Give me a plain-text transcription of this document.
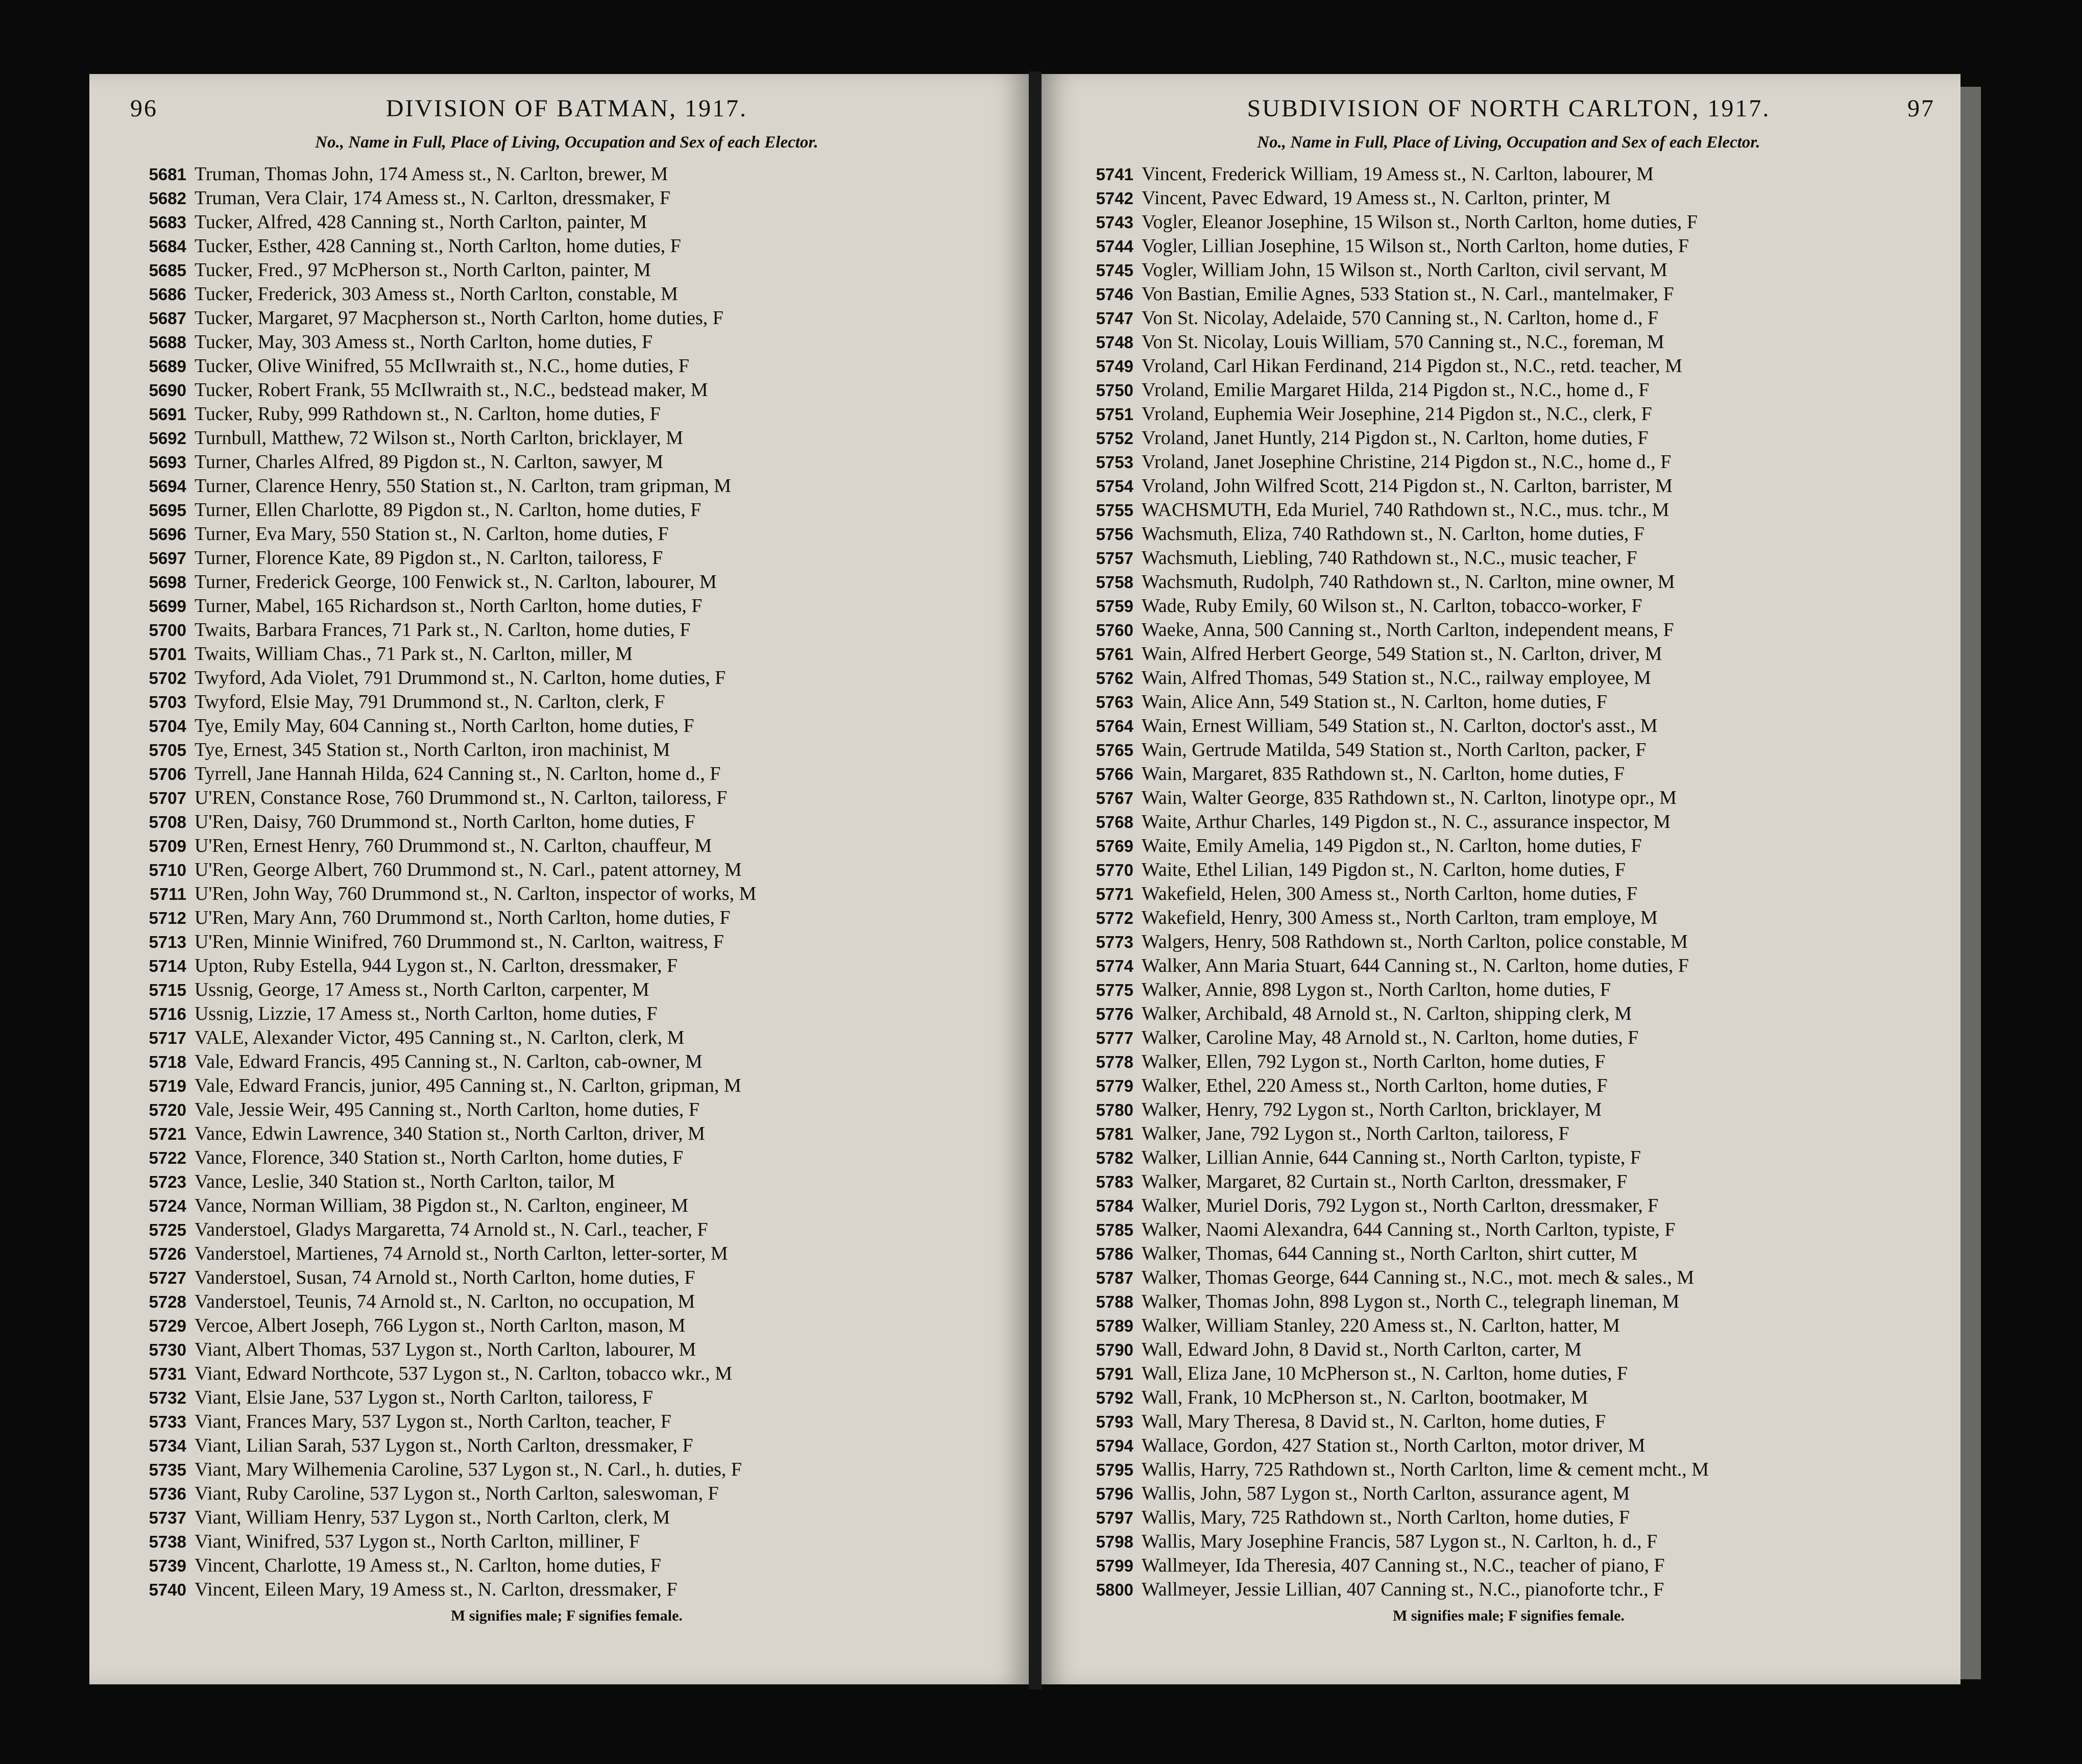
96	DIVISION OF BATMAN, 1917.
No., Name in Full, Place of Living, Occupation and Sex of each Elector.
5681 Truman, Thomas John, 174 Amess st., N. Carlton, brewer, M
5682 Truman, Vera Clair, 174 Amess st., N. Carlton, dressmaker, F
5683 Tucker, Alfred, 428 Canning st., North Carlton, painter, M
5684 Tucker, Esther, 428 Canning st., North Carlton, home duties, F
5685 Tucker, Fred., 97 McPherson st., North Carlton, painter, M
5686 Tucker, Frederick, 303 Amess st., North Carlton, constable, M
5687 Tucker, Margaret, 97 Macpherson st., North Carlton, home duties, F
5688 Tucker, May, 303 Amess st., North Carlton, home duties, F
5689 Tucker, Olive Winifred, 55 McIlwraith st., N.C., home duties, F
5690 Tucker, Robert Frank, 55 McIlwraith st., N.C., bedstead maker, M
5691 Tucker, Ruby, 999 Rathdown st., N. Carlton, home duties, F
5692 Turnbull, Matthew, 72 Wilson st., North Carlton, bricklayer, M
5693 Turner, Charles Alfred, 89 Pigdon st., N. Carlton, sawyer, M
5694 Turner, Clarence Henry, 550 Station st., N. Carlton, tram gripman, M
5695 Turner, Ellen Charlotte, 89 Pigdon st., N. Carlton, home duties, F
5696 Turner, Eva Mary, 550 Station st., N. Carlton, home duties, F
5697 Turner, Florence Kate, 89 Pigdon st., N. Carlton, tailoress, F
5698 Turner, Frederick George, 100 Fenwick st., N. Carlton, labourer, M
5699 Turner, Mabel, 165 Richardson st., North Carlton, home duties, F
5700 Twaits, Barbara Frances, 71 Park st., N. Carlton, home duties, F
5701 Twaits, William Chas., 71 Park st., N. Carlton, miller, M
5702 Twyford, Ada Violet, 791 Drummond st., N. Carlton, home duties, F
5703 Twyford, Elsie May, 791 Drummond st., N. Carlton, clerk, F
5704 Tye, Emily May, 604 Canning st., North Carlton, home duties, F
5705 Tye, Ernest, 345 Station st., North Carlton, iron machinist, M
5706 Tyrrell, Jane Hannah Hilda, 624 Canning st., N. Carlton, home d., F
5707 U'REN, Constance Rose, 760 Drummond st., N. Carlton, tailoress, F
5708 U'Ren, Daisy, 760 Drummond st., North Carlton, home duties, F
5709 U'Ren, Ernest Henry, 760 Drummond st., N. Carlton, chauffeur, M
5710 U'Ren, George Albert, 760 Drummond st., N. Carl., patent attorney, M
5711 U'Ren, John Way, 760 Drummond st., N. Carlton, inspector of works, M
5712 U'Ren, Mary Ann, 760 Drummond st., North Carlton, home duties, F
5713 U'Ren, Minnie Winifred, 760 Drummond st., N. Carlton, waitress, F
5714 Upton, Ruby Estella, 944 Lygon st., N. Carlton, dressmaker, F
5715 Ussnig, George, 17 Amess st., North Carlton, carpenter, M
5716 Ussnig, Lizzie, 17 Amess st., North Carlton, home duties, F
5717 VALE, Alexander Victor, 495 Canning st., N. Carlton, clerk, M
5718 Vale, Edward Francis, 495 Canning st., N. Carlton, cab-owner, M
5719 Vale, Edward Francis, junior, 495 Canning st., N. Carlton, gripman, M
5720 Vale, Jessie Weir, 495 Canning st., North Carlton, home duties, F
5721 Vance, Edwin Lawrence, 340 Station st., North Carlton, driver, M
5722 Vance, Florence, 340 Station st., North Carlton, home duties, F
5723 Vance, Leslie, 340 Station st., North Carlton, tailor, M
5724 Vance, Norman William, 38 Pigdon st., N. Carlton, engineer, M
5725 Vanderstoel, Gladys Margaretta, 74 Arnold st., N. Carl., teacher, F
5726 Vanderstoel, Martienes, 74 Arnold st., North Carlton, letter-sorter, M
5727 Vanderstoel, Susan, 74 Arnold st., North Carlton, home duties, F
5728 Vanderstoel, Teunis, 74 Arnold st., N. Carlton, no occupation, M
5729 Vercoe, Albert Joseph, 766 Lygon st., North Carlton, mason, M
5730 Viant, Albert Thomas, 537 Lygon st., North Carlton, labourer, M
5731 Viant, Edward Northcote, 537 Lygon st., N. Carlton, tobacco wkr., M
5732 Viant, Elsie Jane, 537 Lygon st., North Carlton, tailoress, F
5733 Viant, Frances Mary, 537 Lygon st., North Carlton, teacher, F
5734 Viant, Lilian Sarah, 537 Lygon st., North Carlton, dressmaker, F
5735 Viant, Mary Wilhemenia Caroline, 537 Lygon st., N. Carl., h. duties, F
5736 Viant, Ruby Caroline, 537 Lygon st., North Carlton, saleswoman, F
5737 Viant, William Henry, 537 Lygon st., North Carlton, clerk, M
5738 Viant, Winifred, 537 Lygon st., North Carlton, milliner, F
5739 Vincent, Charlotte, 19 Amess st., N. Carlton, home duties, F
5740 Vincent, Eileen Mary, 19 Amess st., N. Carlton, dressmaker, F
M signifies male; F signifies female.
SUBDIVISION OF NORTH CARLTON, 1917.	97
No., Name in Full, Place of Living, Occupation and Sex of each Elector.
5741 Vincent, Frederick William, 19 Amess st., N. Carlton, labourer, M
5742 Vincent, Pavec Edward, 19 Amess st., N. Carlton, printer, M
5743 Vogler, Eleanor Josephine, 15 Wilson st., North Carlton, home duties, F
5744 Vogler, Lillian Josephine, 15 Wilson st., North Carlton, home duties, F
5745 Vogler, William John, 15 Wilson st., North Carlton, civil servant, M
5746 Von Bastian, Emilie Agnes, 533 Station st., N. Carl., mantelmaker, F
5747 Von St. Nicolay, Adelaide, 570 Canning st., N. Carlton, home d., F
5748 Von St. Nicolay, Louis William, 570 Canning st., N.C., foreman, M
5749 Vroland, Carl Hikan Ferdinand, 214 Pigdon st., N.C., retd. teacher, M
5750 Vroland, Emilie Margaret Hilda, 214 Pigdon st., N.C., home d., F
5751 Vroland, Euphemia Weir Josephine, 214 Pigdon st., N.C., clerk, F
5752 Vroland, Janet Huntly, 214 Pigdon st., N. Carlton, home duties, F
5753 Vroland, Janet Josephine Christine, 214 Pigdon st., N.C., home d., F
5754 Vroland, John Wilfred Scott, 214 Pigdon st., N. Carlton, barrister, M
5755 WACHSMUTH, Eda Muriel, 740 Rathdown st., N.C., mus. tchr., M
5756 Wachsmuth, Eliza, 740 Rathdown st., N. Carlton, home duties, F
5757 Wachsmuth, Liebling, 740 Rathdown st., N.C., music teacher, F
5758 Wachsmuth, Rudolph, 740 Rathdown st., N. Carlton, mine owner, M
5759 Wade, Ruby Emily, 60 Wilson st., N. Carlton, tobacco-worker, F
5760 Waeke, Anna, 500 Canning st., North Carlton, independent means, F
5761 Wain, Alfred Herbert George, 549 Station st., N. Carlton, driver, M
5762 Wain, Alfred Thomas, 549 Station st., N.C., railway employee, M
5763 Wain, Alice Ann, 549 Station st., N. Carlton, home duties, F
5764 Wain, Ernest William, 549 Station st., N. Carlton, doctor's asst., M
5765 Wain, Gertrude Matilda, 549 Station st., North Carlton, packer, F
5766 Wain, Margaret, 835 Rathdown st., N. Carlton, home duties, F
5767 Wain, Walter George, 835 Rathdown st., N. Carlton, linotype opr., M
5768 Waite, Arthur Charles, 149 Pigdon st., N. C., assurance inspector, M
5769 Waite, Emily Amelia, 149 Pigdon st., N. Carlton, home duties, F
5770 Waite, Ethel Lilian, 149 Pigdon st., N. Carlton, home duties, F
5771 Wakefield, Helen, 300 Amess st., North Carlton, home duties, F
5772 Wakefield, Henry, 300 Amess st., North Carlton, tram employe, M
5773 Walgers, Henry, 508 Rathdown st., North Carlton, police constable, M
5774 Walker, Ann Maria Stuart, 644 Canning st., N. Carlton, home duties, F
5775 Walker, Annie, 898 Lygon st., North Carlton, home duties, F
5776 Walker, Archibald, 48 Arnold st., N. Carlton, shipping clerk, M
5777 Walker, Caroline May, 48 Arnold st., N. Carlton, home duties, F
5778 Walker, Ellen, 792 Lygon st., North Carlton, home duties, F
5779 Walker, Ethel, 220 Amess st., North Carlton, home duties, F
5780 Walker, Henry, 792 Lygon st., North Carlton, bricklayer, M
5781 Walker, Jane, 792 Lygon st., North Carlton, tailoress, F
5782 Walker, Lillian Annie, 644 Canning st., North Carlton, typiste, F
5783 Walker, Margaret, 82 Curtain st., North Carlton, dressmaker, F
5784 Walker, Muriel Doris, 792 Lygon st., North Carlton, dressmaker, F
5785 Walker, Naomi Alexandra, 644 Canning st., North Carlton, typiste, F
5786 Walker, Thomas, 644 Canning st., North Carlton, shirt cutter, M
5787 Walker, Thomas George, 644 Canning st., N.C., mot. mech & sales., M
5788 Walker, Thomas John, 898 Lygon st., North C., telegraph lineman, M
5789 Walker, William Stanley, 220 Amess st., N. Carlton, hatter, M
5790 Wall, Edward John, 8 David st., North Carlton, carter, M
5791 Wall, Eliza Jane, 10 McPherson st., N. Carlton, home duties, F
5792 Wall, Frank, 10 McPherson st., N. Carlton, bootmaker, M
5793 Wall, Mary Theresa, 8 David st., N. Carlton, home duties, F
5794 Wallace, Gordon, 427 Station st., North Carlton, motor driver, M
5795 Wallis, Harry, 725 Rathdown st., North Carlton, lime & cement mcht., M
5796 Wallis, John, 587 Lygon st., North Carlton, assurance agent, M
5797 Wallis, Mary, 725 Rathdown st., North Carlton, home duties, F
5798 Wallis, Mary Josephine Francis, 587 Lygon st., N. Carlton, h. d., F
5799 Wallmeyer, Ida Theresia, 407 Canning st., N.C., teacher of piano, F
5800 Wallmeyer, Jessie Lillian, 407 Canning st., N.C., pianoforte tchr., F
M signifies male; F signifies female.
